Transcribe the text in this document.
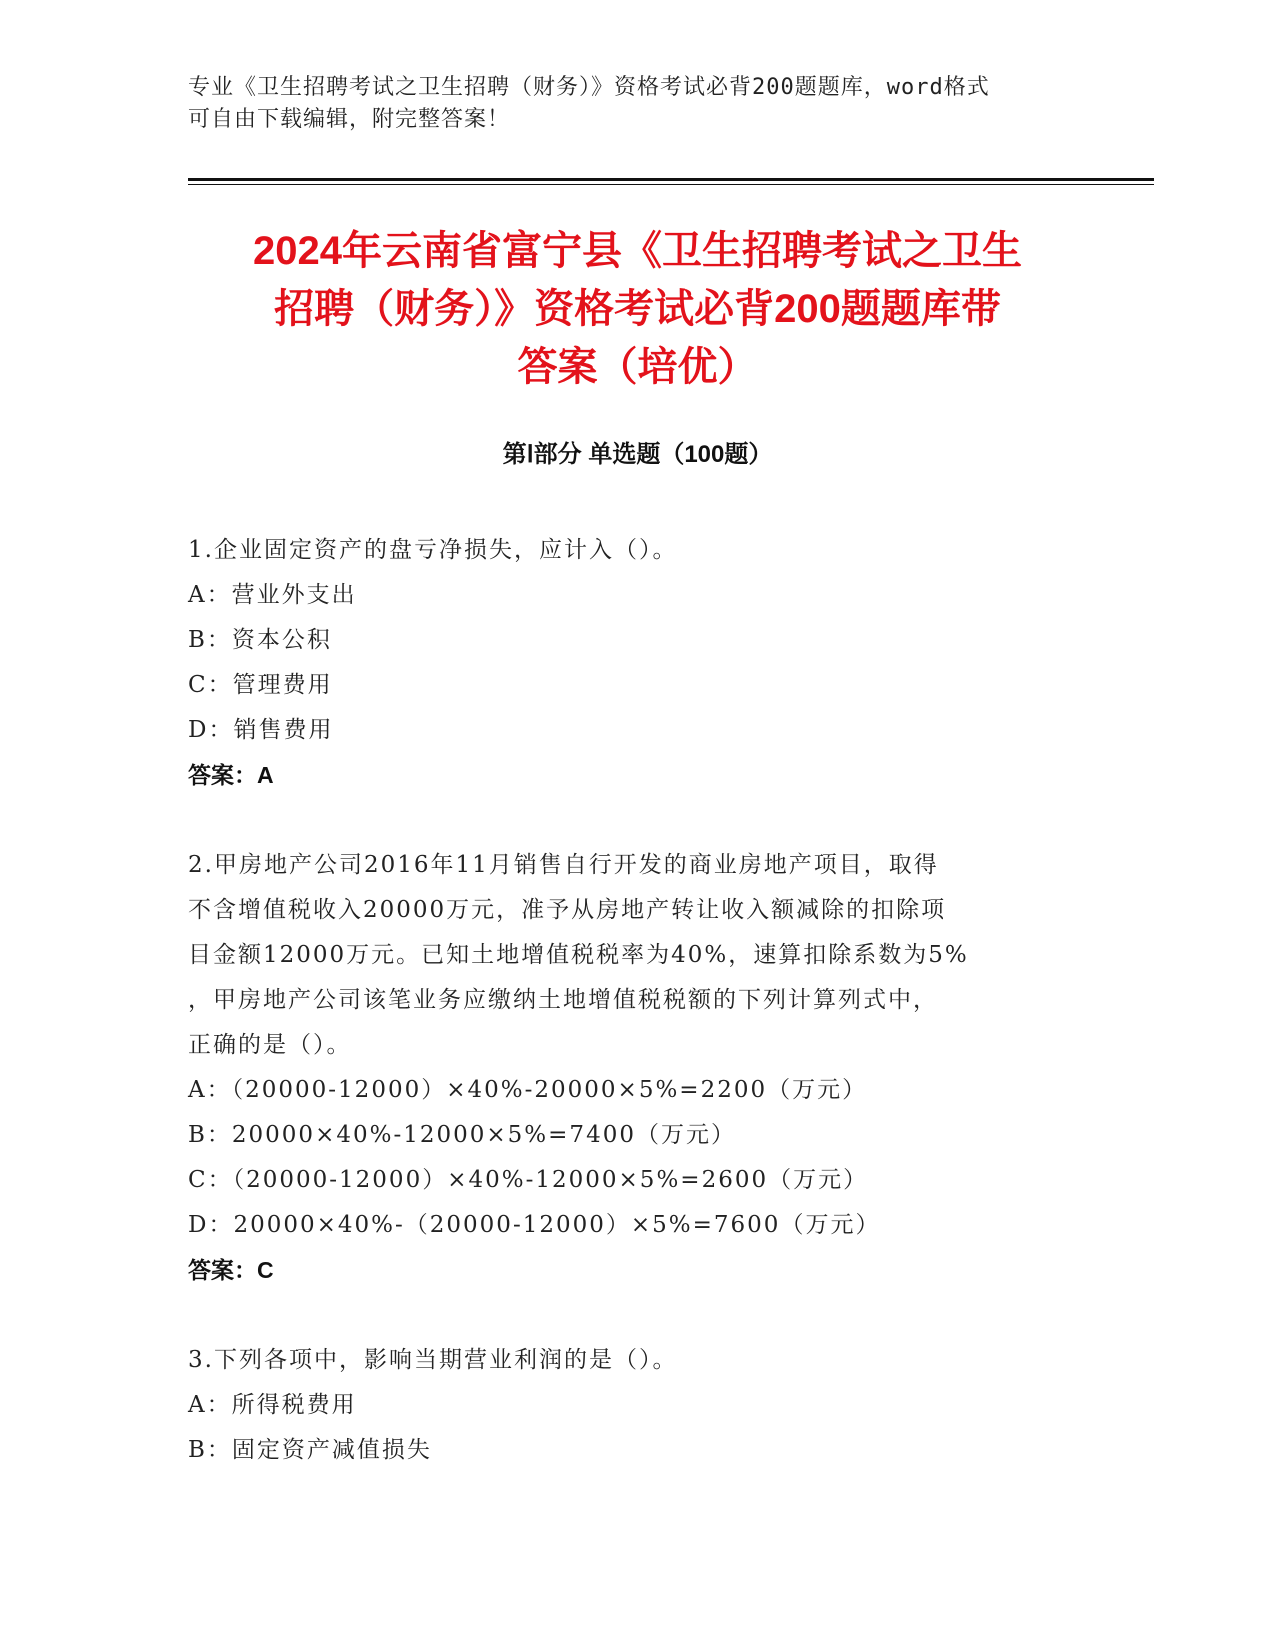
专业《卫生招聘考试之卫生招聘（财务）》资格考试必背200题题库，word格式
可自由下载编辑，附完整答案！
2024年云南省富宁县《卫生招聘考试之卫生
招聘（财务）》资格考试必背200题题库带
答案（培优）
第Ⅰ部分 单选题（100题）
1.企业固定资产的盘亏净损失，应计入（）。
A：营业外支出
B：资本公积
C：管理费用
D：销售费用
答案：A
2.甲房地产公司2016年11月销售自行开发的商业房地产项目，取得
不含增值税收入20000万元，准予从房地产转让收入额减除的扣除项
目金额12000万元。已知土地增值税税率为40%，速算扣除系数为5%
，甲房地产公司该笔业务应缴纳土地增值税税额的下列计算列式中，
正确的是（）。
A：（20000-12000）×40%-20000×5%=2200（万元）
B：20000×40%-12000×5%=7400（万元）
C：（20000-12000）×40%-12000×5%=2600（万元）
D：20000×40%-（20000-12000）×5%=7600（万元）
答案：C
3.下列各项中，影响当期营业利润的是（）。
A：所得税费用
B：固定资产减值损失
